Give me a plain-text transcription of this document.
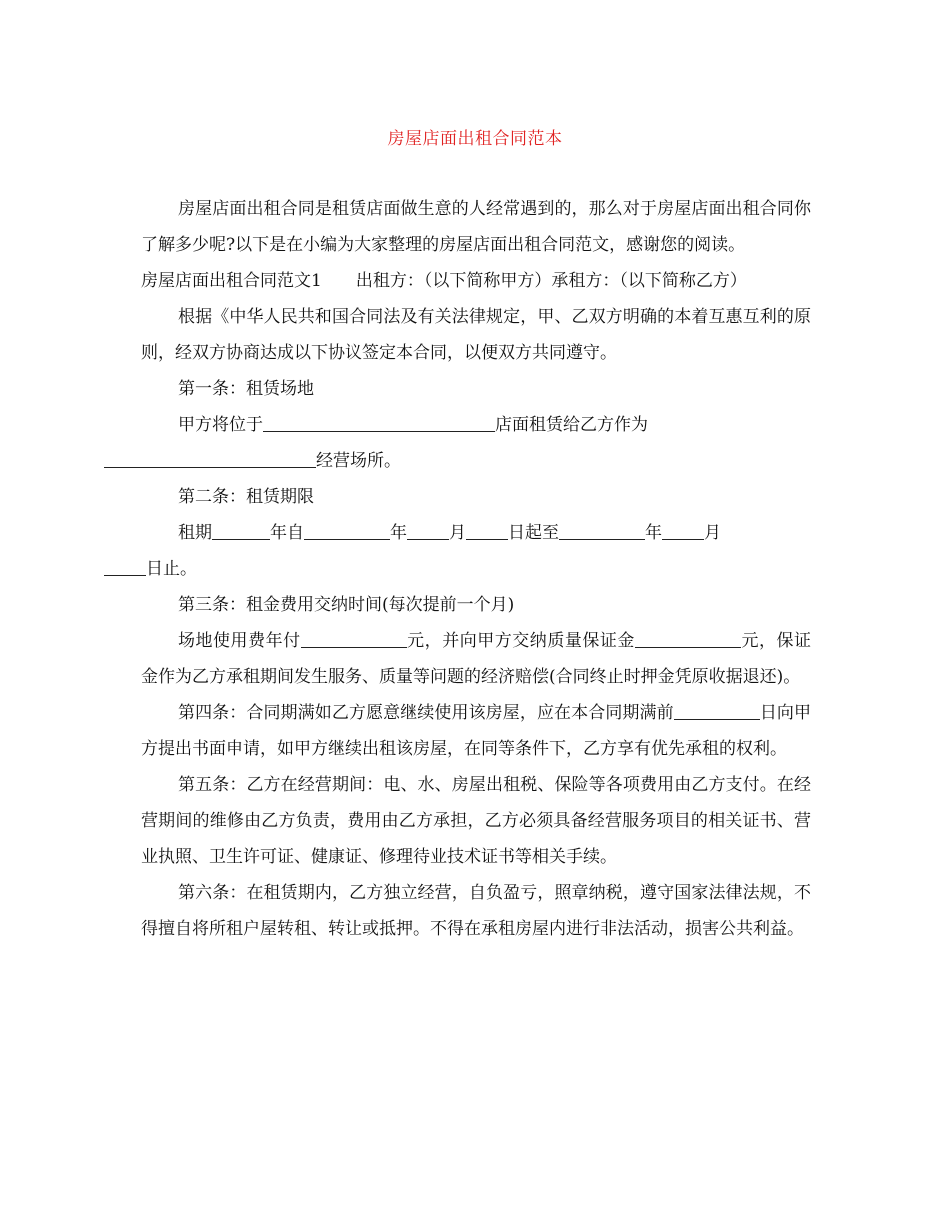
房屋店面出租合同范本

房屋店面出租合同是租赁店面做生意的人经常遇到的，那么对于房屋店面出租合同你了解多少呢?以下是在小编为大家整理的房屋店面出租合同范文，感谢您的阅读。

房屋店面出租合同范文1 出租方：（以下简称甲方）承租方：（以下简称乙方）

根据《中华人民共和国合同法及有关法律规定，甲、乙双方明确的本着互惠互利的原则，经双方协商达成以下协议签定本合同，以便双方共同遵守。

第一条：租赁场地

甲方将位于	店面租赁给乙方作为
经营场所。

第二条：租赁期限

租期	年自	年 月 日起至	年 月
日止。

第三条：租金费用交纳时间(每次提前一个月)

场地使用费年付	元，并向甲方交纳质量保证金	元，保证金作为乙方承租期间发生服务、质量等问题的经济赔偿(合同终止时押金凭原收据退还)。

第四条：合同期满如乙方愿意继续使用该房屋，应在本合同期满前	日向甲方提出书面申请，如甲方继续出租该房屋，在同等条件下，乙方享有优先承租的权利。

第五条：乙方在经营期间：电、水、房屋出租税、保险等各项费用由乙方支付。在经营期间的维修由乙方负责，费用由乙方承担，乙方必须具备经营服务项目的相关证书、营业执照、卫生许可证、健康证、修理待业技术证书等相关手续。

第六条：在租赁期内，乙方独立经营，自负盈亏，照章纳税，遵守国家法律法规，不得擅自将所租户屋转租、转让或抵押。不得在承租房屋内进行非法活动，损害公共利益。
